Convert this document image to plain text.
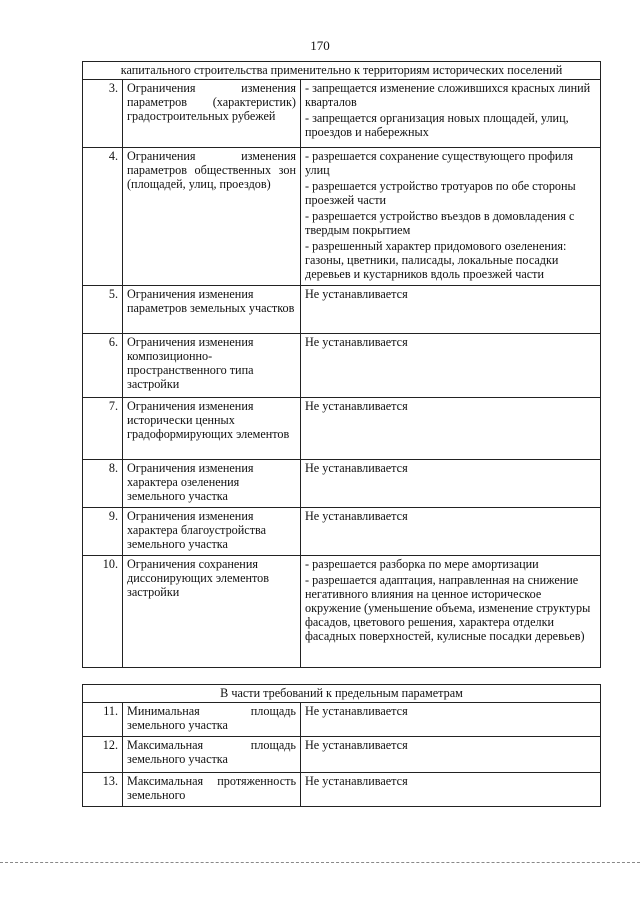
170
капитального строительства применительно к территориям исторических поселений		
3.	Ограничения изменения параметров (характеристик) градостроительных рубежей	- запрещается изменение сложившихся красных линий кварталов
- запрещается организация новых площадей, улиц, проездов и набережных

4.	Ограничения изменения параметров общественных зон (площадей, улиц, проездов)	- разрешается сохранение существующего профиля улиц
- разрешается устройство тротуаров по обе стороны проезжей части
- разрешается устройство въездов в домовладения с твердым покрытием
- разрешенный характер придомового озеленения: газоны, цветники, палисады, локальные посадки деревьев и кустарников вдоль проезжей части

5.	Ограничения изменения параметров земельных участков	Не устанавливается

6.	Ограничения изменения композиционно-пространственного типа застройки	Не устанавливается

7.	Ограничения изменения исторически ценных градоформирующих элементов	Не устанавливается

8.	Ограничения изменения характера озеленения земельного участка	Не устанавливается

9.	Ограничения изменения характера благоустройства земельного участка	Не устанавливается

10.	Ограничения сохранения диссонирующих элементов застройки	- разрешается разборка по мере амортизации
- разрешается адаптация, направленная на снижение негативного влияния на ценное историческое окружение (уменьшение объема, изменение структуры фасадов, цветового решения, характера отделки фасадных поверхностей, кулисные посадки деревьев)
В части требований к предельным параметрам		
11.	Минимальная площадь земельного участка	Не устанавливается
12.	Максимальная площадь земельного участка	Не устанавливается
13.	Максимальная протяженность земельного	Не устанавливается
